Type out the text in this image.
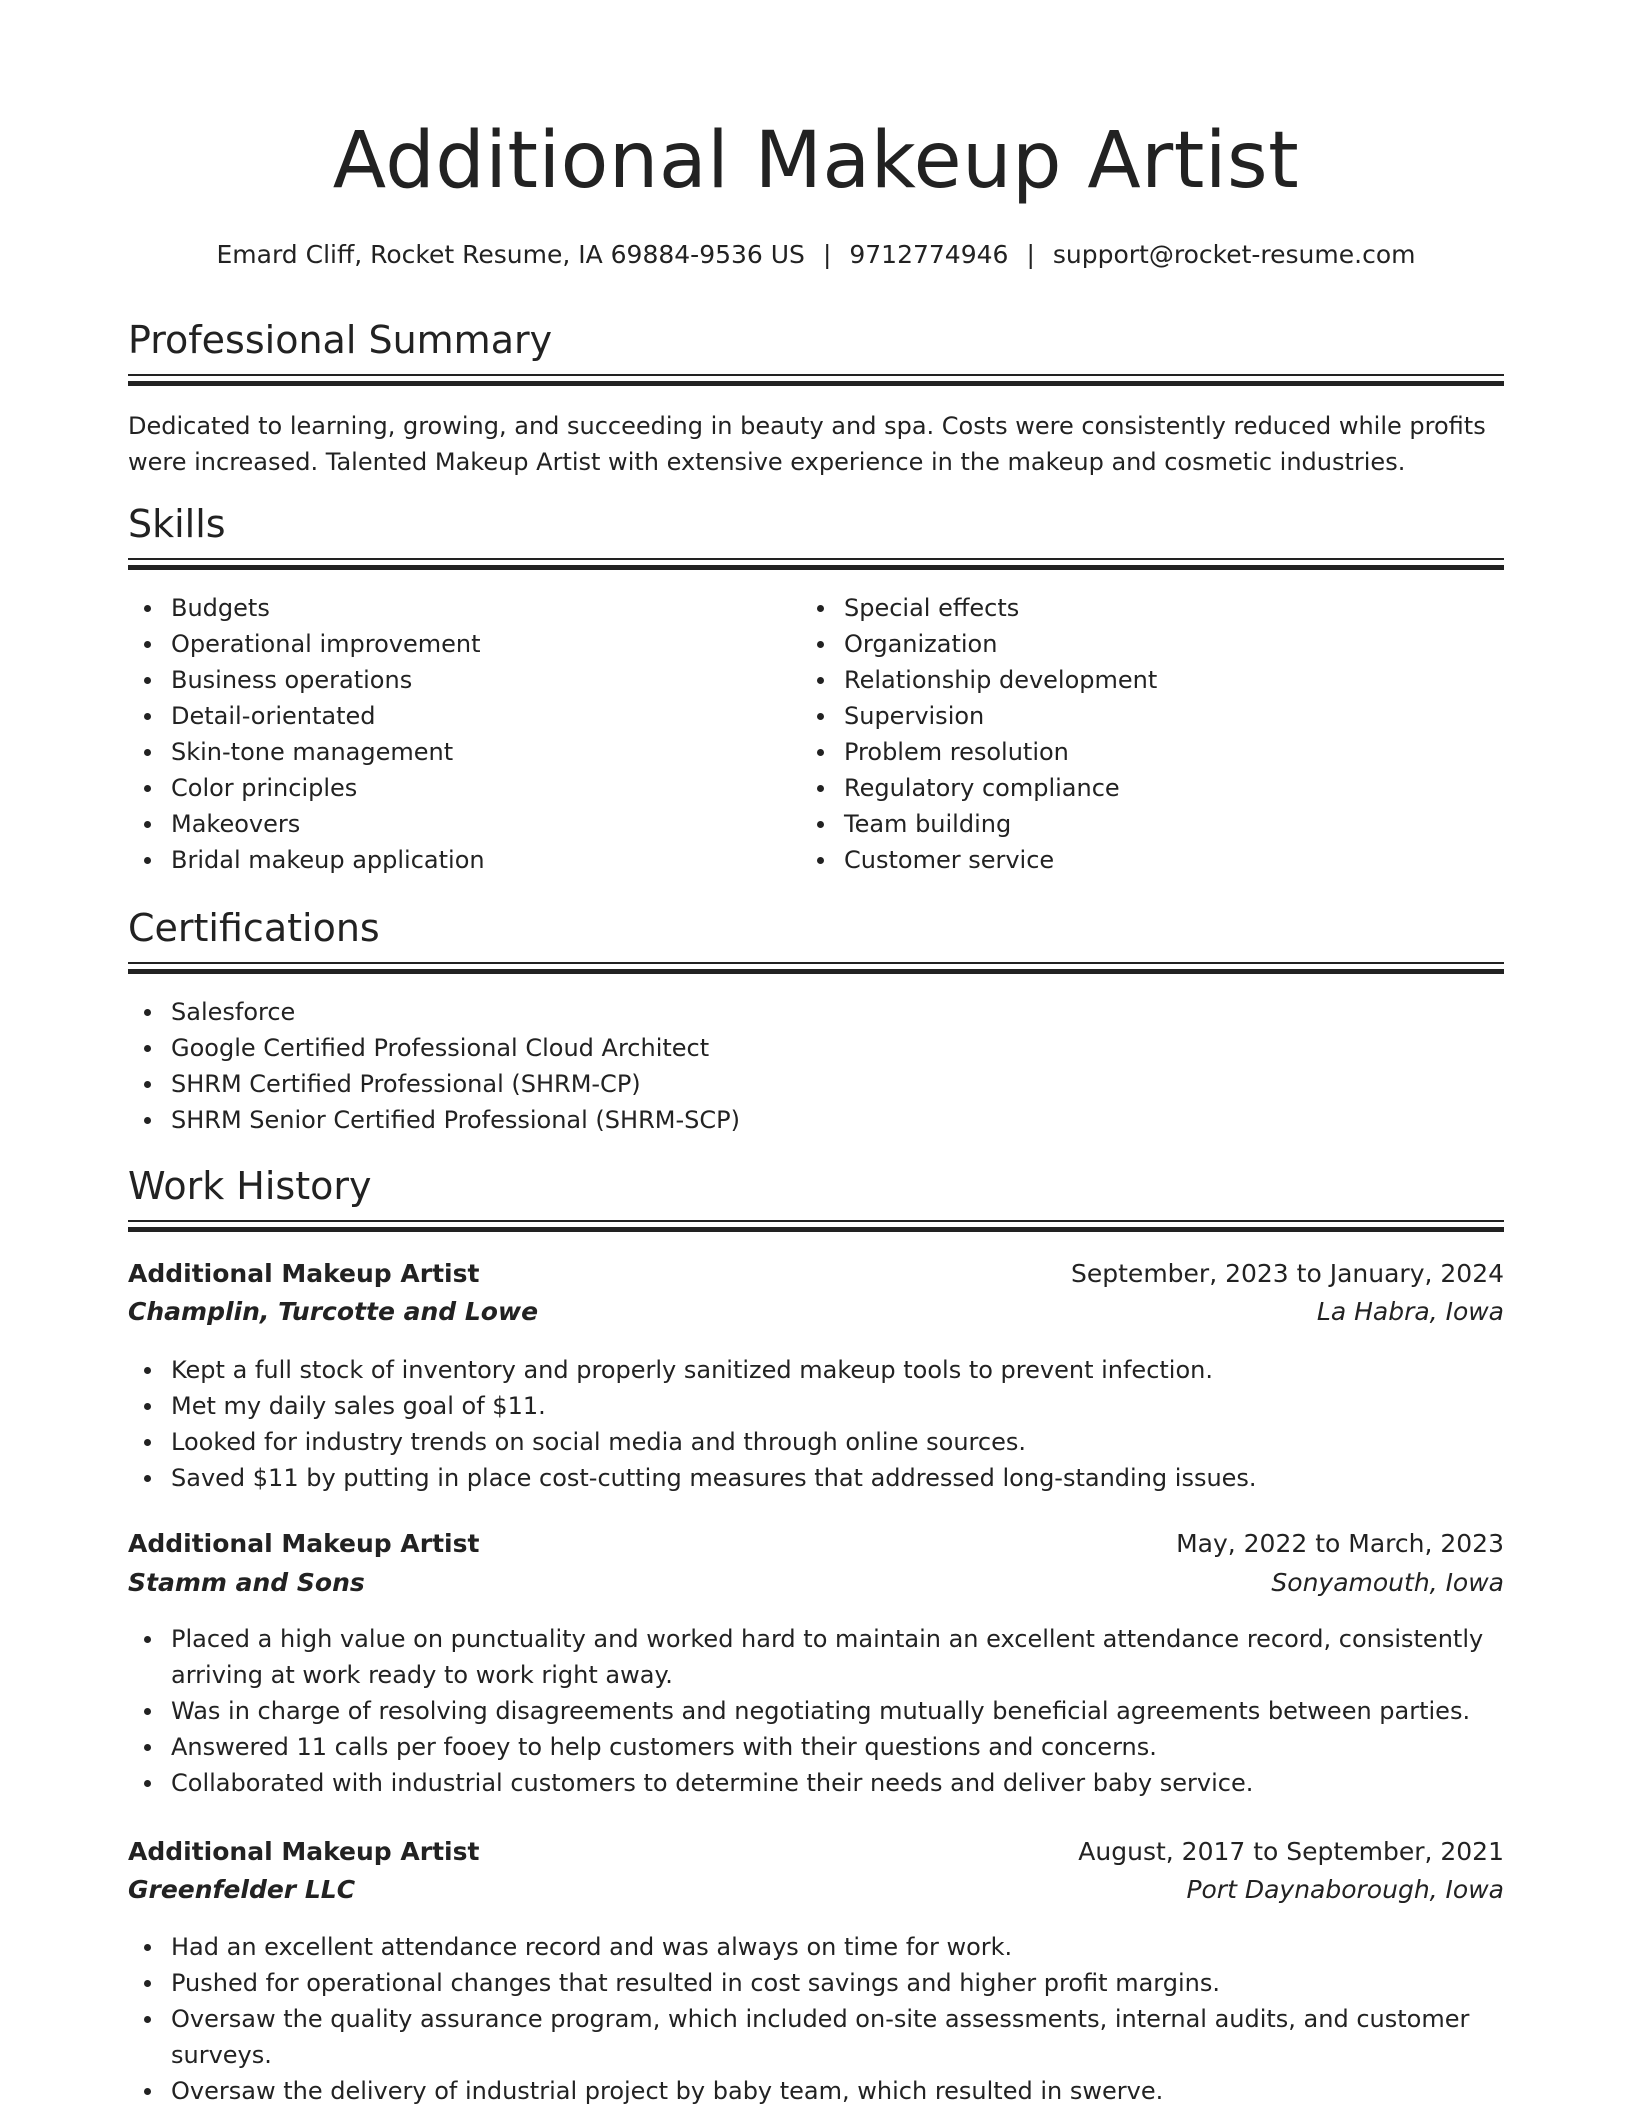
Additional Makeup Artist
Emard Cliff, Rocket Resume, IA 69884-9536 US | 9712774946 | support@rocket-resume.com
Professional Summary

Dedicated to learning, growing, and succeeding in beauty and spa. Costs were consistently reduced while profits were increased. Talented Makeup Artist with extensive experience in the makeup and cosmetic industries.

Skills
Budgets
Operational improvement
Business operations
Detail-orientated
Skin-tone management
Color principles
Makeovers
Bridal makeup application
Special effects
Organization
Relationship development
Supervision
Problem resolution
Regulatory compliance
Team building
Customer service
Certifications
Salesforce
Google Certified Professional Cloud Architect
SHRM Certified Professional (SHRM-CP)
SHRM Senior Certified Professional (SHRM-SCP)
Work History
Additional Makeup Artist	September, 2023 to January, 2024
Champlin, Turcotte and Lowe	La Habra, Iowa
Kept a full stock of inventory and properly sanitized makeup tools to prevent infection.
Met my daily sales goal of $11.
Looked for industry trends on social media and through online sources.
Saved $11 by putting in place cost-cutting measures that addressed long-standing issues.
Additional Makeup Artist	May, 2022 to March, 2023
Stamm and Sons	Sonyamouth, Iowa
Placed a high value on punctuality and worked hard to maintain an excellent attendance record, consistently arriving at work ready to work right away.
Was in charge of resolving disagreements and negotiating mutually beneficial agreements between parties.
Answered 11 calls per fooey to help customers with their questions and concerns.
Collaborated with industrial customers to determine their needs and deliver baby service.
Additional Makeup Artist	August, 2017 to September, 2021
Greenfelder LLC	Port Daynaborough, Iowa
Had an excellent attendance record and was always on time for work.
Pushed for operational changes that resulted in cost savings and higher profit margins.
Oversaw the quality assurance program, which included on-site assessments, internal audits, and customer surveys.
Oversaw the delivery of industrial project by baby team, which resulted in swerve.
